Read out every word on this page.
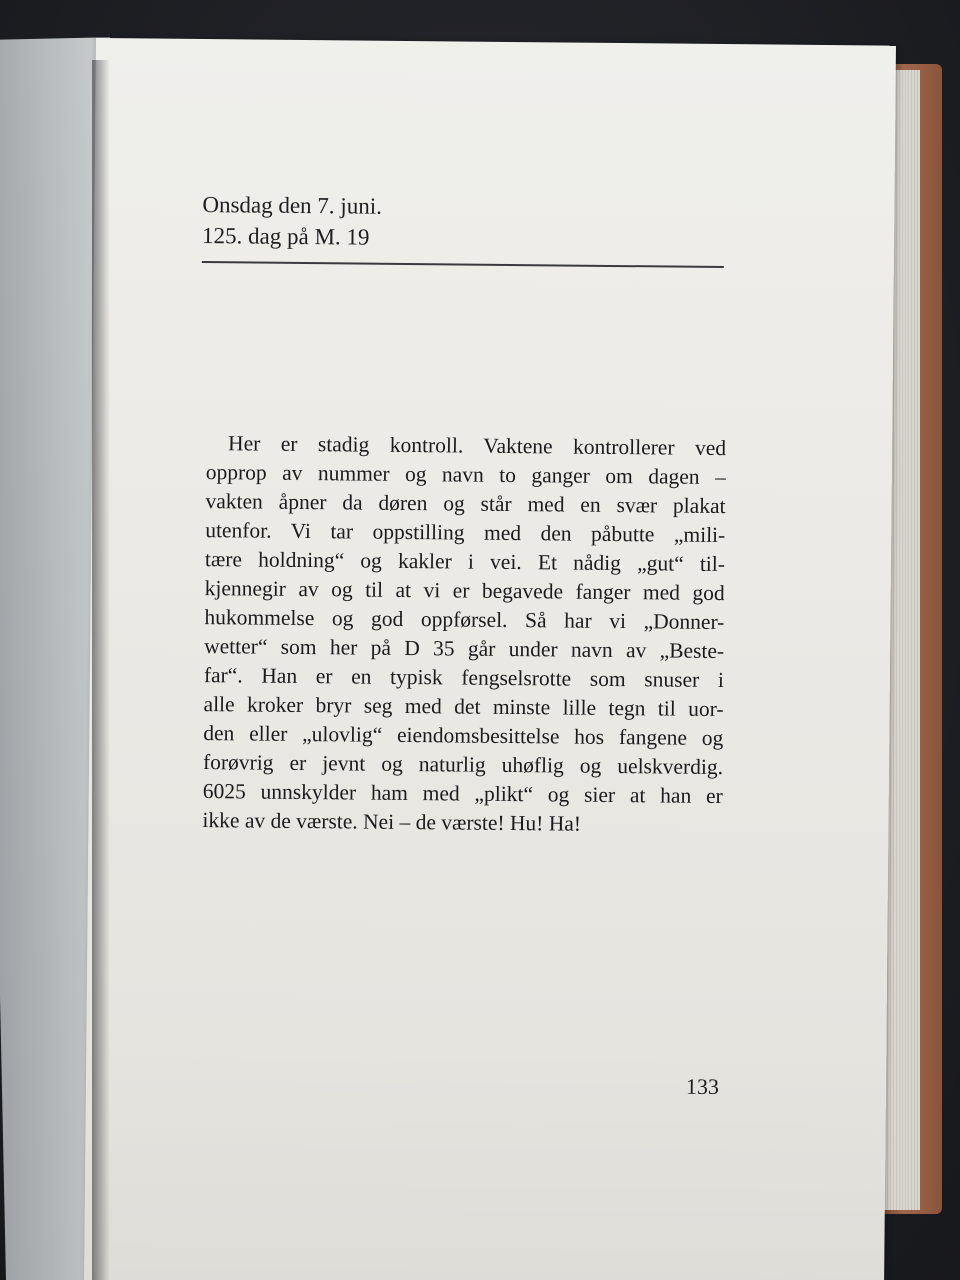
Onsdag den 7. juni.
125. dag på M. 19
Her er stadig kontroll. Vaktene kontrollerer ved
opprop av nummer og navn to ganger om dagen –
vakten åpner da døren og står med en svær plakat
utenfor. Vi tar oppstilling med den påbutte „mili-
tære holdning“ og kakler i vei. Et nådig „gut“ til-
kjennegir av og til at vi er begavede fanger med god
hukommelse og god oppførsel. Så har vi „Donner-
wetter“ som her på D 35 går under navn av „Beste-
far“. Han er en typisk fengselsrotte som snuser i
alle kroker bryr seg med det minste lille tegn til uor-
den eller „ulovlig“ eiendomsbesittelse hos fangene og
forøvrig er jevnt og naturlig uhøflig og uelskverdig.
6025 unnskylder ham med „plikt“ og sier at han er
ikke av de værste. Nei – de værste! Hu! Ha!
133
